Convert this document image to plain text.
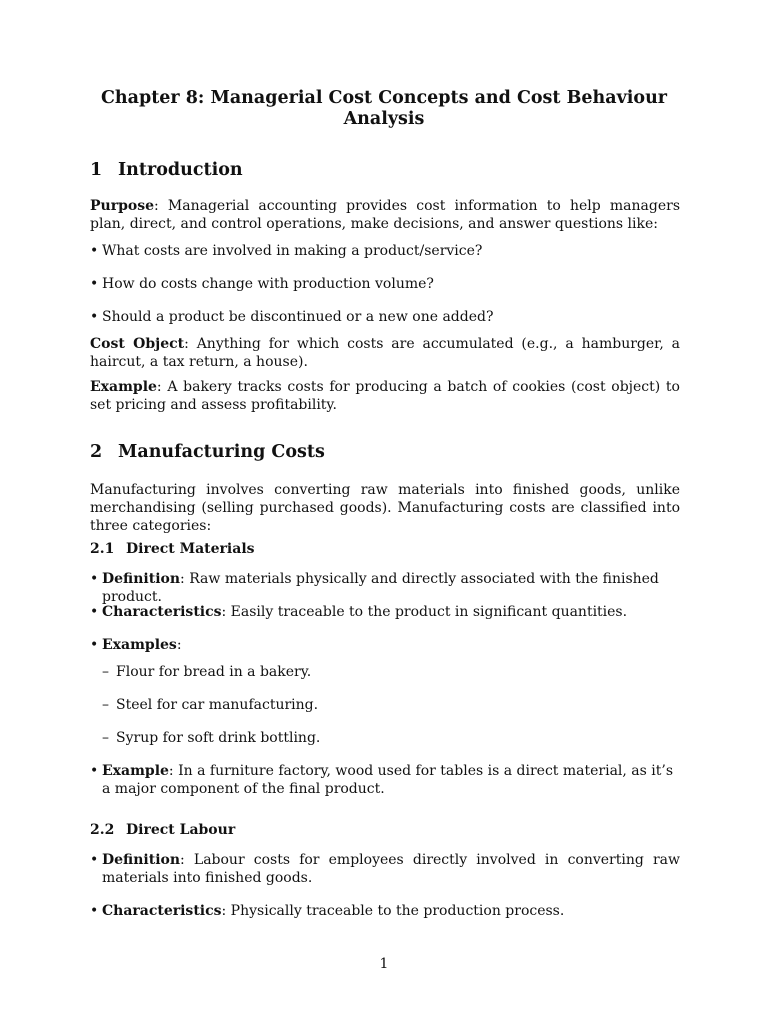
Chapter 8: Managerial Cost Concepts and Cost Behaviour Analysis
1 Introduction

Purpose: Managerial accounting provides cost information to help managers plan, direct, and control operations, make decisions, and answer questions like:

• What costs are involved in making a product/service?
• How do costs change with production volume?
• Should a product be discontinued or a new one added?

Cost Object: Anything for which costs are accumulated (e.g., a hamburger, a haircut, a tax return, a house).

Example: A bakery tracks costs for producing a batch of cookies (cost object) to set pricing and assess profitability.

2 Manufacturing Costs

Manufacturing involves converting raw materials into finished goods, unlike merchandising (selling purchased goods). Manufacturing costs are classified into three categories:

2.1 Direct Materials
• Definition: Raw materials physically and directly associated with the finished product.
• Characteristics: Easily traceable to the product in significant quantities.
• Examples:
– Flour for bread in a bakery.
– Steel for car manufacturing.
– Syrup for soft drink bottling.
• Example: In a furniture factory, wood used for tables is a direct material, as it’s a major component of the final product.
2.2 Direct Labour
• Definition: Labour costs for employees directly involved in converting raw materials into finished goods.
• Characteristics: Physically traceable to the production process.
1
